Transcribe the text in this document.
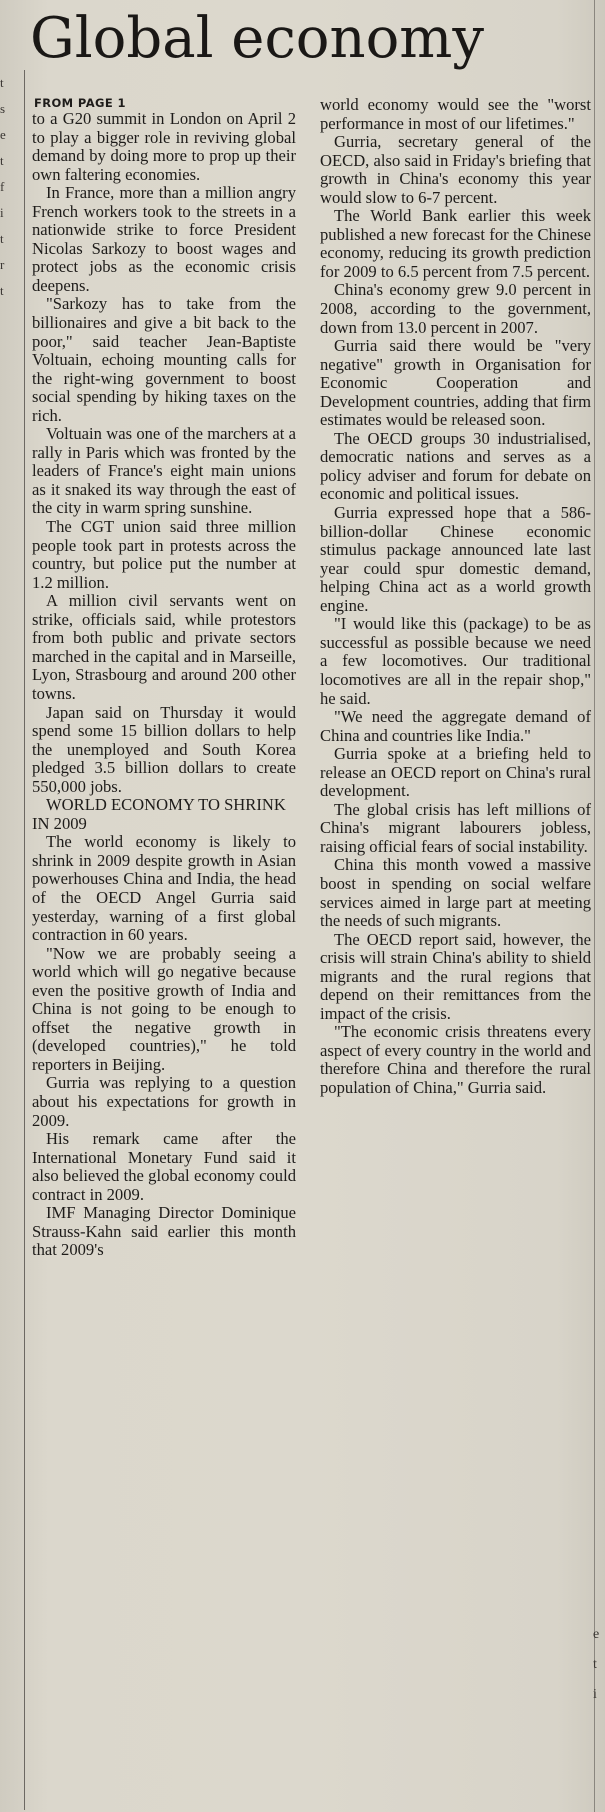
t
s
e
t
f
i
t
r
t
e
t
i
Global economy
FROM PAGE 1

to a G20 summit in London on April 2 to play a bigger role in reviving global demand by doing more to prop up their own faltering economies.

In France, more than a million angry French workers took to the streets in a nationwide strike to force President Nicolas Sarkozy to boost wages and protect jobs as the economic crisis deepens.

"Sarkozy has to take from the billionaires and give a bit back to the poor," said teacher Jean-Baptiste Voltuain, echoing mounting calls for the right-wing government to boost social spending by hiking taxes on the rich.

Voltuain was one of the marchers at a rally in Paris which was fronted by the leaders of France's eight main unions as it snaked its way through the east of the city in warm spring sunshine.

The CGT union said three million people took part in protests across the country, but police put the number at 1.2 million.

A million civil servants went on strike, officials said, while protestors from both public and private sectors marched in the capital and in Marseille, Lyon, Strasbourg and around 200 other towns.

Japan said on Thursday it would spend some 15 billion dollars to help the unemployed and South Korea pledged 3.5 billion dollars to create 550,000 jobs.

WORLD ECONOMY TO SHRINK IN 2009

The world economy is likely to shrink in 2009 despite growth in Asian powerhouses China and India, the head of the OECD Angel Gurria said yesterday, warning of a first global contraction in 60 years.

"Now we are probably seeing a world which will go negative because even the positive growth of India and China is not going to be enough to offset the negative growth in (developed countries)," he told reporters in Beijing.

Gurria was replying to a question about his expectations for growth in 2009.

His remark came after the International Monetary Fund said it also believed the global economy could contract in 2009.

IMF Managing Director Dominique Strauss-Kahn said earlier this month that 2009's

world economy would see the "worst performance in most of our lifetimes."

Gurria, secretary general of the OECD, also said in Friday's briefing that growth in China's economy this year would slow to 6-7 percent.

The World Bank earlier this week published a new forecast for the Chinese economy, reducing its growth prediction for 2009 to 6.5 percent from 7.5 percent.

China's economy grew 9.0 percent in 2008, according to the government, down from 13.0 percent in 2007.

Gurria said there would be "very negative" growth in Organisation for Economic Cooperation and Development countries, adding that firm estimates would be released soon.

The OECD groups 30 industrialised, democratic nations and serves as a policy adviser and forum for debate on economic and political issues.

Gurria expressed hope that a 586-billion-dollar Chinese economic stimulus package announced late last year could spur domestic demand, helping China act as a world growth engine.

"I would like this (package) to be as successful as possible because we need a few locomotives. Our traditional locomotives are all in the repair shop," he said.

"We need the aggregate demand of China and countries like India."

Gurria spoke at a briefing held to release an OECD report on China's rural development.

The global crisis has left millions of China's migrant labourers jobless, raising official fears of social instability.

China this month vowed a massive boost in spending on social welfare services aimed in large part at meeting the needs of such migrants.

The OECD report said, however, the crisis will strain China's ability to shield migrants and the rural regions that depend on their remittances from the impact of the crisis.

"The economic crisis threatens every aspect of every country in the world and therefore China and therefore the rural population of China," Gurria said.
